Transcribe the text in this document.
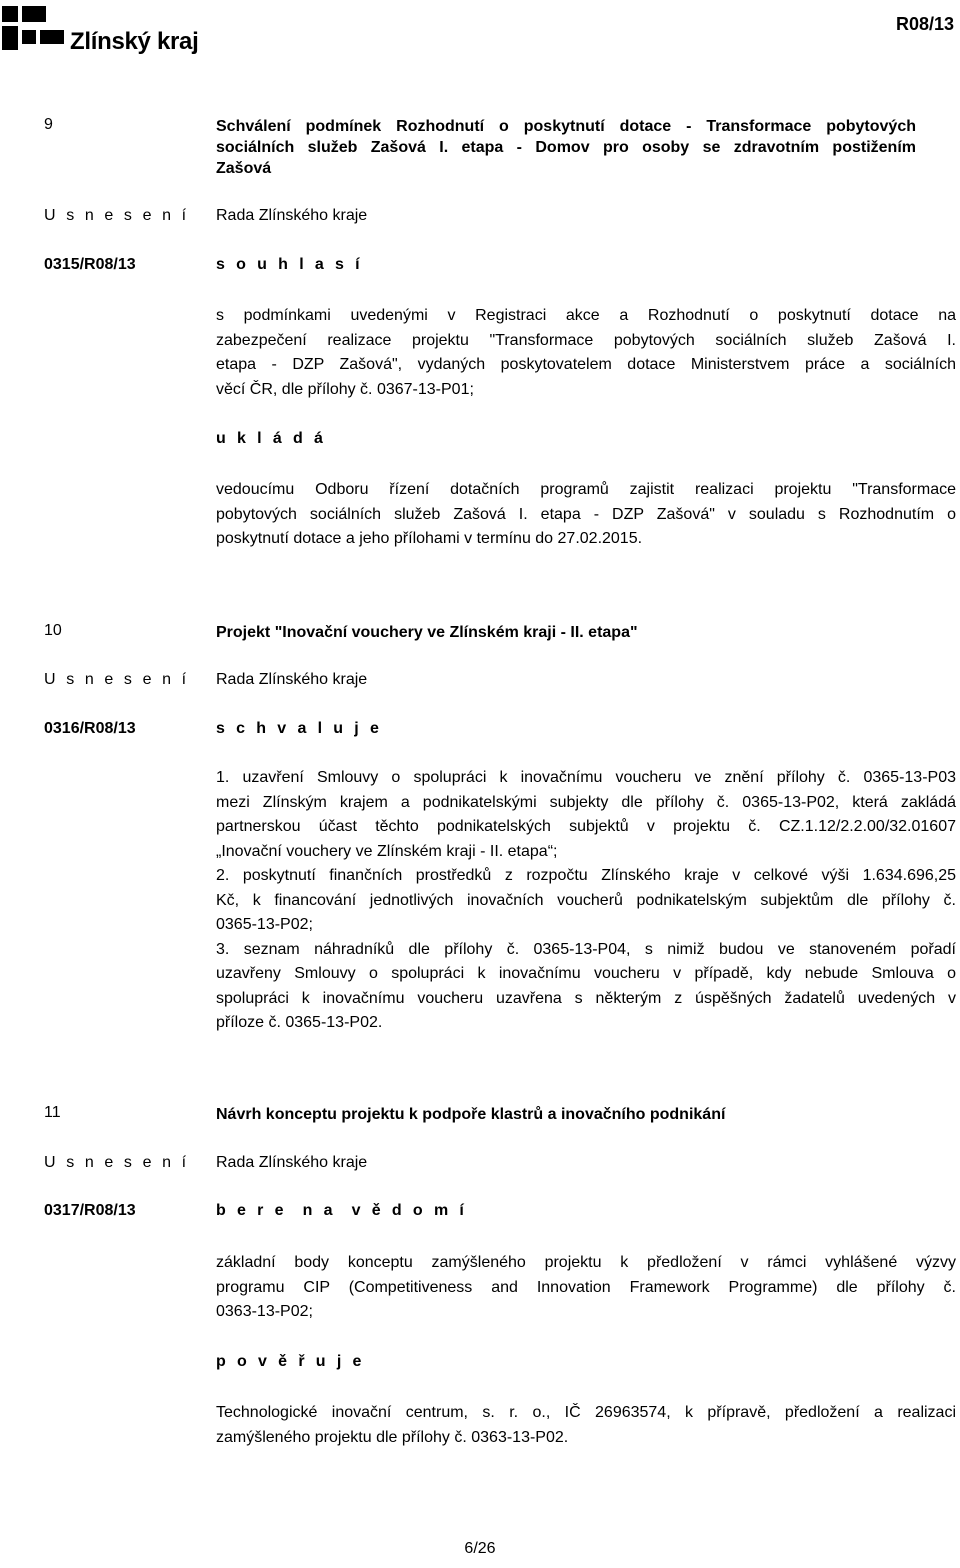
Zlínský kraj
R08/13
9	Schválení podmínek Rozhodnutí o poskytnutí dotace - Transformace pobytových
sociálních služeb Zašová I. etapa - Domov pro osoby se zdravotním postižením
Zašová
U s n e s e n í Rada Zlínského kraje
0315/R08/13	s o u h l a s í
s podmínkami uvedenými v Registraci akce a Rozhodnutí o poskytnutí dotace na
zabezpečení realizace projektu "Transformace pobytových sociálních služeb Zašová I.
etapa - DZP Zašová", vydaných poskytovatelem dotace Ministerstvem práce a sociálních
věcí ČR, dle přílohy č. 0367-13-P01;
u k l á d á
vedoucímu Odboru řízení dotačních programů zajistit realizaci projektu "Transformace
pobytových sociálních služeb Zašová I. etapa - DZP Zašová" v souladu s Rozhodnutím o
poskytnutí dotace a jeho přílohami v termínu do 27.02.2015.
10	Projekt "Inovační vouchery ve Zlínském kraji - II. etapa"
U s n e s e n í Rada Zlínského kraje
0316/R08/13	s c h v a l u j e
1. uzavření Smlouvy o spolupráci k inovačnímu voucheru ve znění přílohy č. 0365-13-P03
mezi Zlínským krajem a podnikatelskými subjekty dle přílohy č. 0365-13-P02, která zakládá
partnerskou účast těchto podnikatelských subjektů v projektu č. CZ.1.12/2.2.00/32.01607
„Inovační vouchery ve Zlínském kraji - II. etapa“;
2. poskytnutí finančních prostředků z rozpočtu Zlínského kraje v celkové výši 1.634.696,25
Kč, k financování jednotlivých inovačních voucherů podnikatelským subjektům dle přílohy č.
0365-13-P02;
3. seznam náhradníků dle přílohy č. 0365-13-P04, s nimiž budou ve stanoveném pořadí
uzavřeny Smlouvy o spolupráci k inovačnímu voucheru v případě, kdy nebude Smlouva o
spolupráci k inovačnímu voucheru uzavřena s některým z úspěšných žadatelů uvedených v
příloze č. 0365-13-P02.
11	Návrh konceptu projektu k podpoře klastrů a inovačního podnikání
U s n e s e n í Rada Zlínského kraje
0317/R08/13	b e r e  n a  v ě d o m í
základní body konceptu zamýšleného projektu k předložení v rámci vyhlášené výzvy
programu CIP (Competitiveness and Innovation Framework Programme) dle přílohy č.
0363-13-P02;
p o v ě ř u j e
Technologické inovační centrum, s. r. o., IČ 26963574, k přípravě, předložení a realizaci
zamýšleného projektu dle přílohy č. 0363-13-P02.
6/26
